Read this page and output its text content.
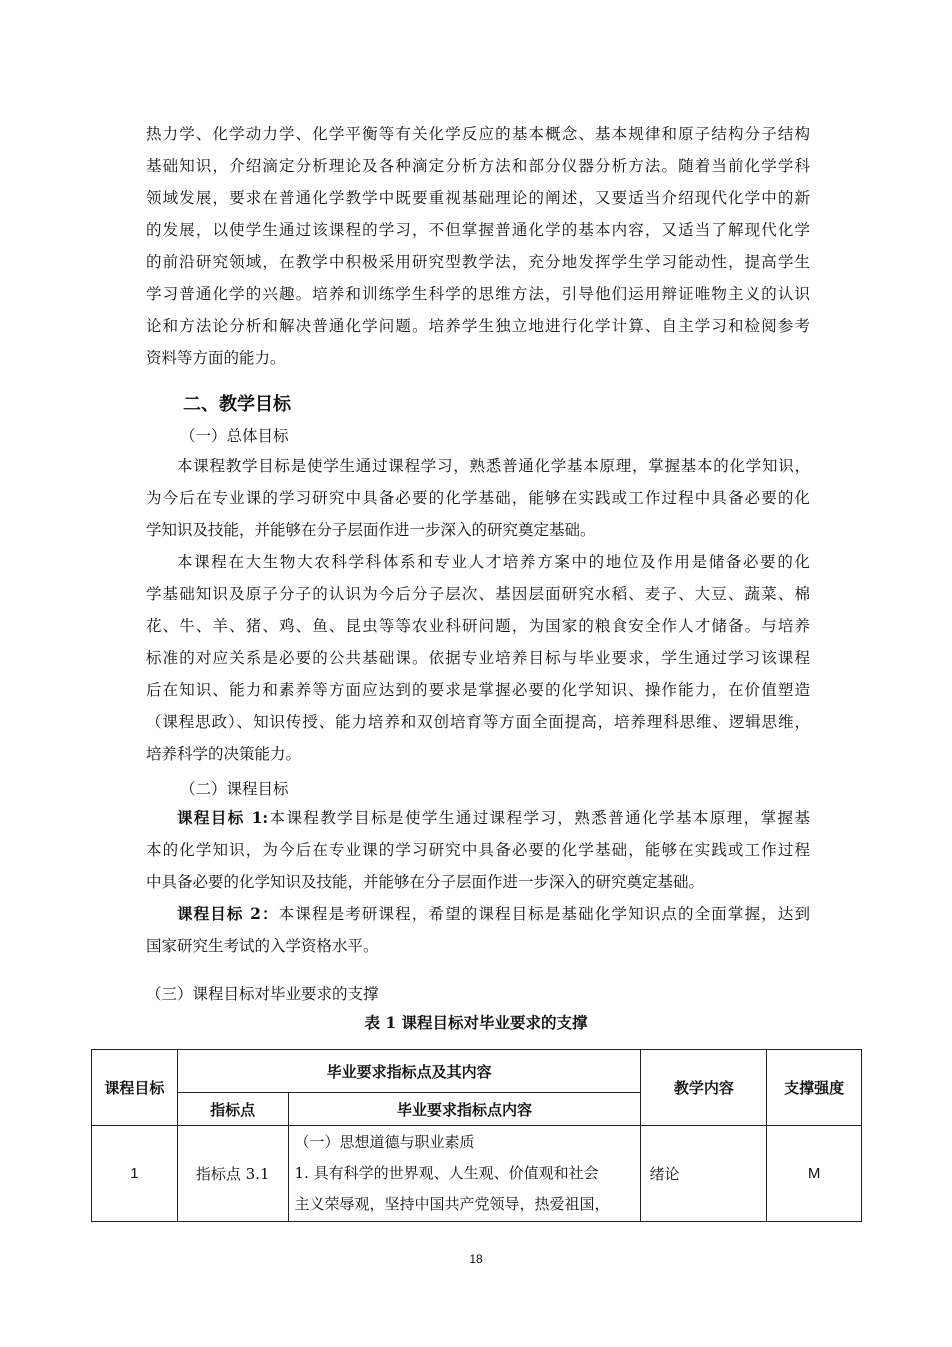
热力学、化学动力学、化学平衡等有关化学反应的基本概念、基本规律和原子结构分子结构
基础知识，介绍滴定分析理论及各种滴定分析方法和部分仪器分析方法。随着当前化学学科
领域发展，要求在普通化学教学中既要重视基础理论的阐述，又要适当介绍现代化学中的新
的发展，以使学生通过该课程的学习，不但掌握普通化学的基本内容，又适当了解现代化学
的前沿研究领域，在教学中积极采用研究型教学法，充分地发挥学生学习能动性，提高学生
学习普通化学的兴趣。培养和训练学生科学的思维方法，引导他们运用辩证唯物主义的认识
论和方法论分析和解决普通化学问题。培养学生独立地进行化学计算、自主学习和检阅参考
资料等方面的能力。
二、教学目标
（一）总体目标
本课程教学目标是使学生通过课程学习，熟悉普通化学基本原理，掌握基本的化学知识，
为今后在专业课的学习研究中具备必要的化学基础，能够在实践或工作过程中具备必要的化
学知识及技能，并能够在分子层面作进一步深入的研究奠定基础。
本课程在大生物大农科学科体系和专业人才培养方案中的地位及作用是储备必要的化
学基础知识及原子分子的认识为今后分子层次、基因层面研究水稻、麦子、大豆、蔬菜、棉
花、牛、羊、猪、鸡、鱼、昆虫等等农业科研问题，为国家的粮食安全作人才储备。与培养
标准的对应关系是必要的公共基础课。依据专业培养目标与毕业要求，学生通过学习该课程
后在知识、能力和素养等方面应达到的要求是掌握必要的化学知识、操作能力，在价值塑造
（课程思政）、知识传授、能力培养和双创培育等方面全面提高，培养理科思维、逻辑思维，
培养科学的决策能力。
（二）课程目标
课程目标 1:本课程教学目标是使学生通过课程学习，熟悉普通化学基本原理，掌握基
本的化学知识，为今后在专业课的学习研究中具备必要的化学基础，能够在实践或工作过程
中具备必要的化学知识及技能，并能够在分子层面作进一步深入的研究奠定基础。
课程目标 2：本课程是考研课程，希望的课程目标是基础化学知识点的全面掌握，达到
国家研究生考试的入学资格水平。
（三）课程目标对毕业要求的支撑
表 1 课程目标对毕业要求的支撑
课程目标	毕业要求指标点及其内容		教学内容	支撑强度
	指标点	毕业要求指标点内容		
1	指标点 3.1	（一）思想道德与职业素质
1. 具有科学的世界观、人生观、价值观和社会
主义荣辱观，坚持中国共产党领导，热爱祖国，	绪论	M
18
